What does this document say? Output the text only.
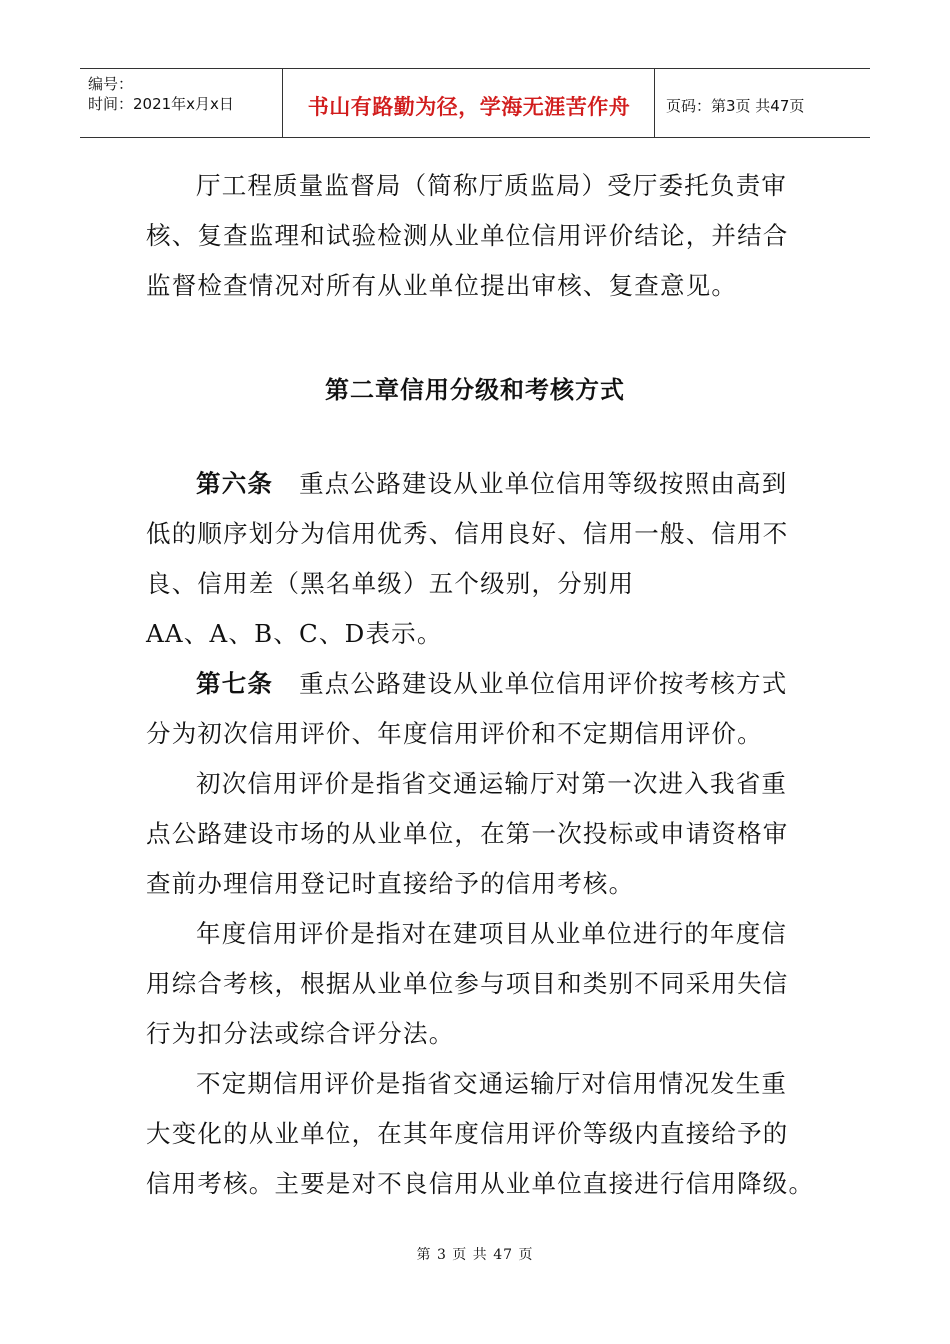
编号：
时间：2021年x月x日	书山有路勤为径，学海无涯苦作舟	页码：第3页 共47页
厅工程质量监督局（简称厅质监局）受厅委托负责审
核、复查监理和试验检测从业单位信用评价结论，并结合
监督检查情况对所有从业单位提出审核、复查意见。
第二章信用分级和考核方式
第六条 重点公路建设从业单位信用等级按照由高到
低的顺序划分为信用优秀、信用良好、信用一般、信用不
良、信用差（黑名单级）五个级别，分别用
AA、A、B、C、D表示。
第七条 重点公路建设从业单位信用评价按考核方式
分为初次信用评价、年度信用评价和不定期信用评价。
初次信用评价是指省交通运输厅对第一次进入我省重
点公路建设市场的从业单位，在第一次投标或申请资格审
查前办理信用登记时直接给予的信用考核。
年度信用评价是指对在建项目从业单位进行的年度信
用综合考核，根据从业单位参与项目和类别不同采用失信
行为扣分法或综合评分法。
不定期信用评价是指省交通运输厅对信用情况发生重
大变化的从业单位，在其年度信用评价等级内直接给予的
信用考核。主要是对不良信用从业单位直接进行信用降级。
第 3 页 共 47 页
